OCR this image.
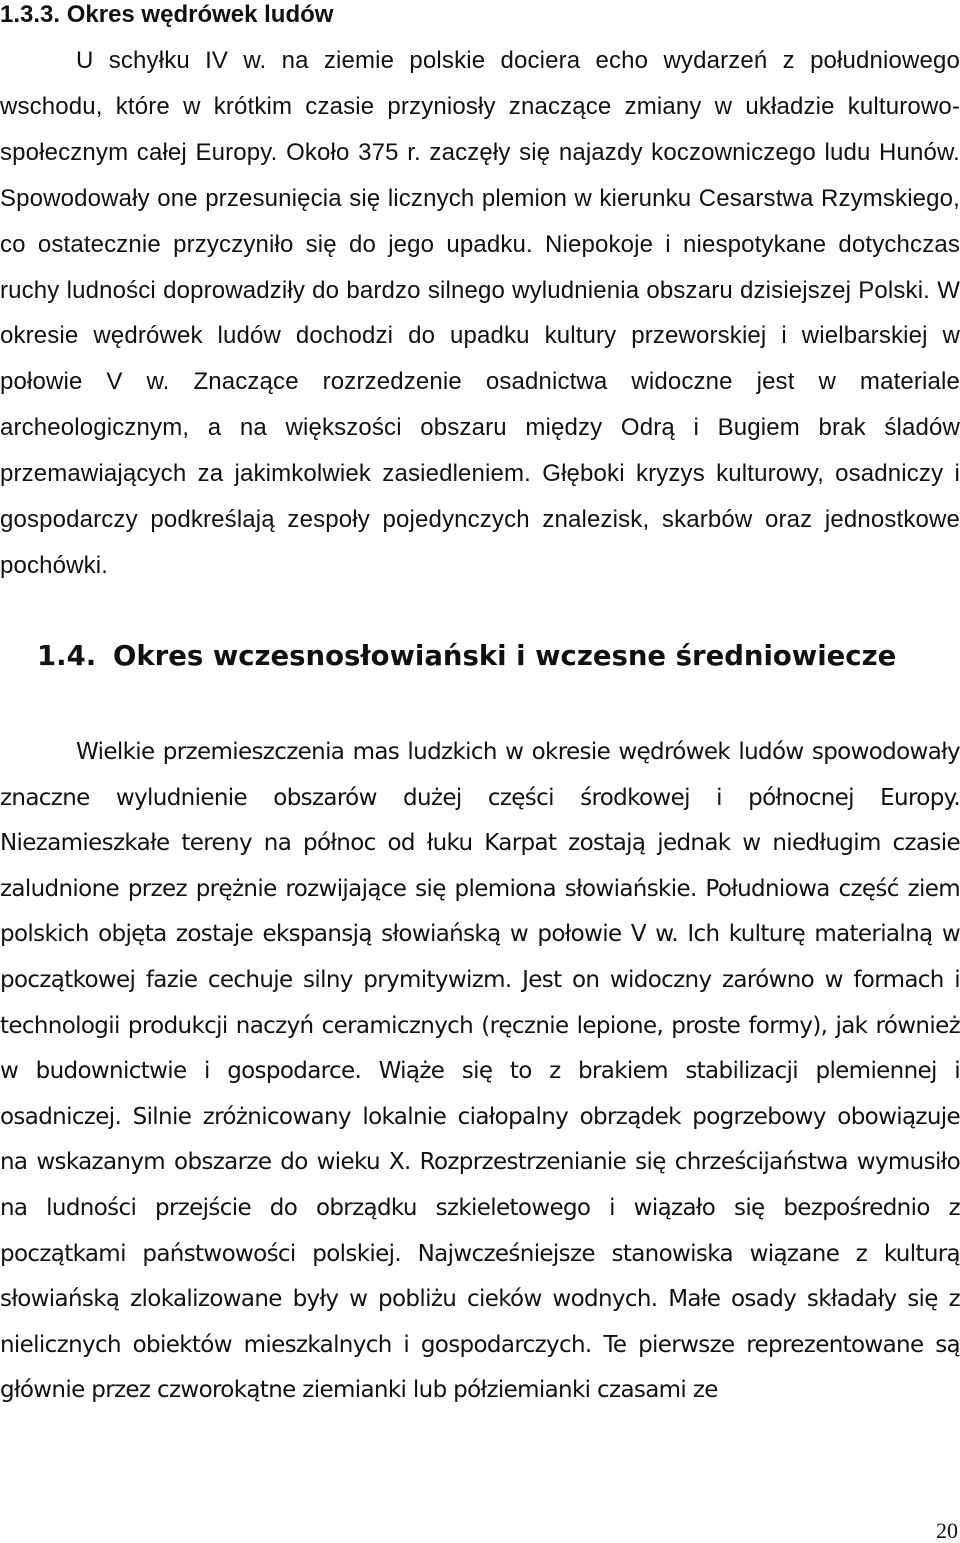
1.3.3. Okres wędrówek ludów

U schyłku IV w. na ziemie polskie dociera echo wydarzeń z południowego wschodu, które w krótkim czasie przyniosły znaczące zmiany w układzie kulturowo-społecznym całej Europy. Około 375 r. zaczęły się najazdy koczowniczego ludu Hunów. Spowodowały one przesunięcia się licznych plemion w kierunku Cesarstwa Rzymskiego, co ostatecznie przyczyniło się do jego upadku. Niepokoje i niespotykane dotychczas ruchy ludności doprowadziły do bardzo silnego wyludnienia obszaru dzisiejszej Polski. W okresie wędrówek ludów dochodzi do upadku kultury przeworskiej i wielbarskiej w połowie V w. Znaczące rozrzedzenie osadnictwa widoczne jest w materiale archeologicznym, a na większości obszaru między Odrą i Bugiem brak śladów przemawiających za jakimkolwiek zasiedleniem. Głęboki kryzys kulturowy, osadniczy i gospodarczy podkreślają zespoły pojedynczych znalezisk, skarbów oraz jednostkowe pochówki.

1.4. Okres wczesnosłowiański i wczesne średniowiecze

Wielkie przemieszczenia mas ludzkich w okresie wędrówek ludów spowodowały znaczne wyludnienie obszarów dużej części środkowej i północnej Europy. Niezamieszkałe tereny na północ od łuku Karpat zostają jednak w niedługim czasie zaludnione przez prężnie rozwijające się plemiona słowiańskie. Południowa część ziem polskich objęta zostaje ekspansją słowiańską w połowie V w. Ich kulturę materialną w początkowej fazie cechuje silny prymitywizm. Jest on widoczny zarówno w formach i technologii produkcji naczyń ceramicznych (ręcznie lepione, proste formy), jak również w budownictwie i gospodarce. Wiąże się to z brakiem stabilizacji plemiennej i osadniczej. Silnie zróżnicowany lokalnie ciałopalny obrządek pogrzebowy obowiązuje na wskazanym obszarze do wieku X. Rozprzestrzenianie się chrześcijaństwa wymusiło na ludności przejście do obrządku szkieletowego i wiązało się bezpośrednio z początkami państwowości polskiej. Najwcześniejsze stanowiska wiązane z kulturą słowiańską zlokalizowane były w pobliżu cieków wodnych. Małe osady składały się z nielicznych obiektów mieszkalnych i gospodarczych. Te pierwsze reprezentowane są głównie przez czworokątne ziemianki lub półziemianki czasami ze

20
